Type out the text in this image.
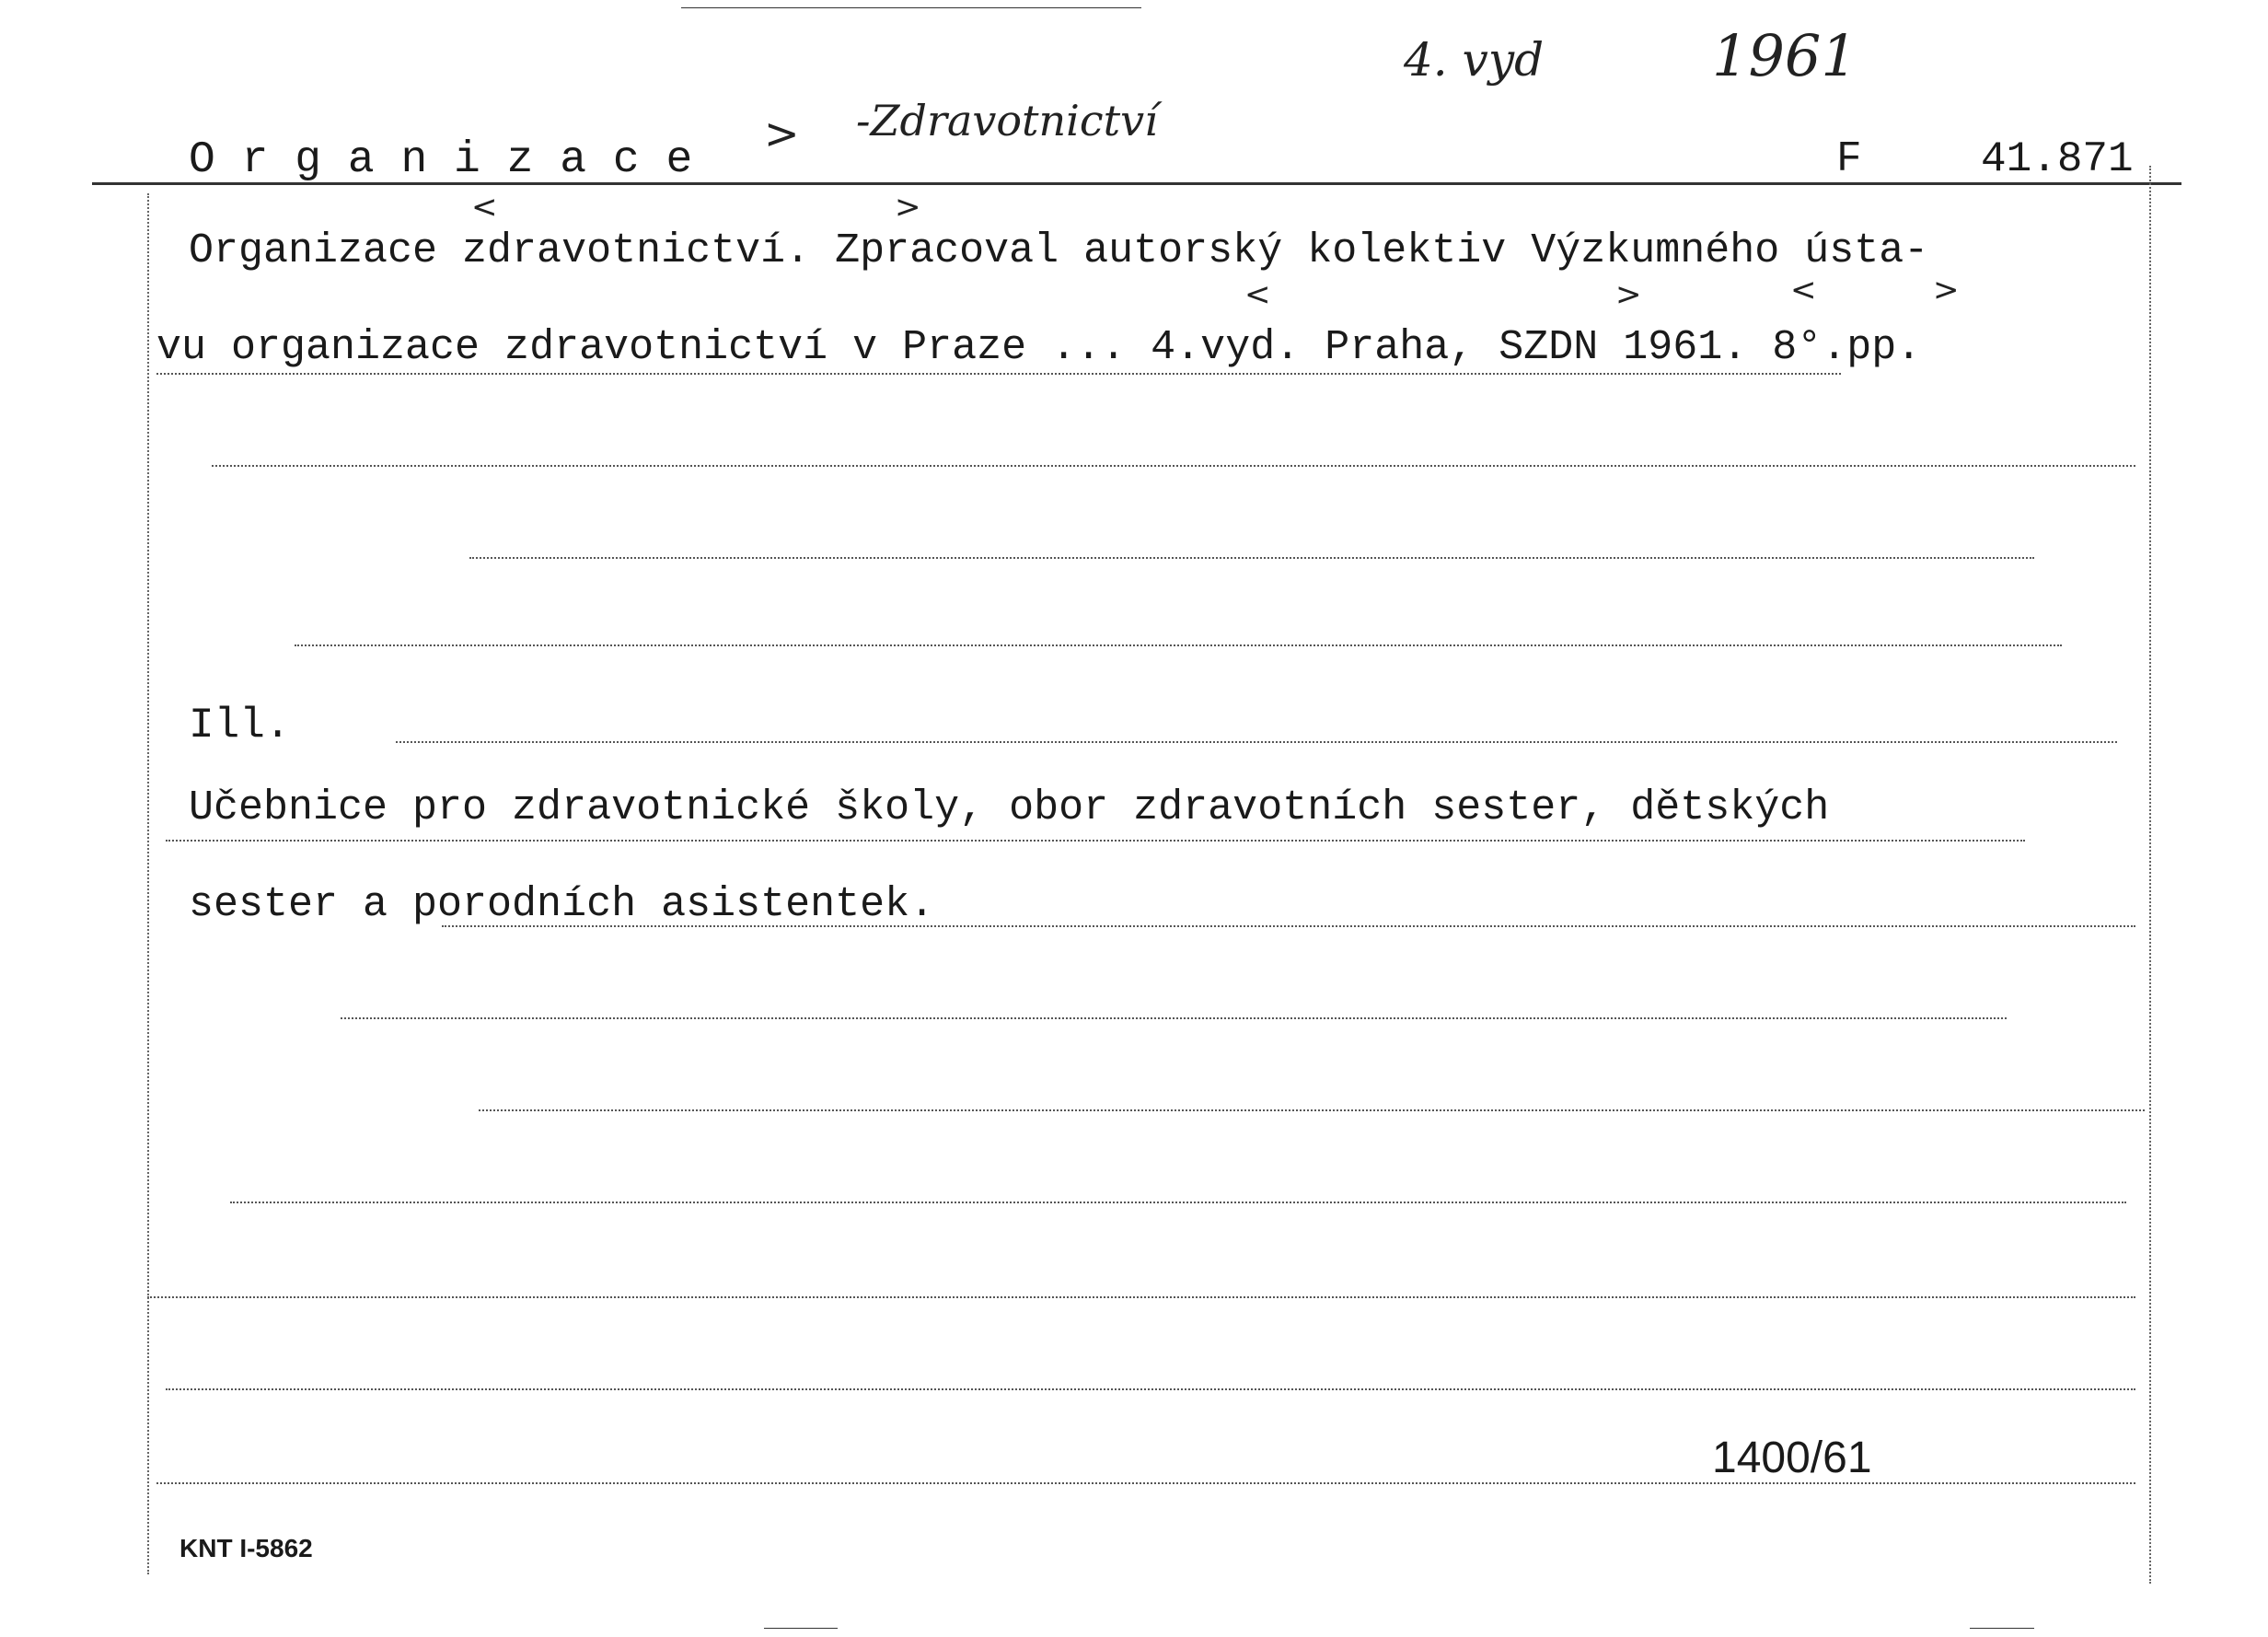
4. vyd	1961
O r g a n i z a c e
> -Zdravotnictví
F	41.871
<	>
Organizace zdravotnictví. Zpracoval autorský kolektiv Výzkumného ústa-
<	>	<	>
vu organizace zdravotnictví v Praze ... 4.vyd. Praha, SZDN 1961. 8°.pp.
Ill.
Učebnice pro zdravotnické školy, obor zdravotních sester, dětských
sester a porodních asistentek.
1400/61
KNT I-5862
